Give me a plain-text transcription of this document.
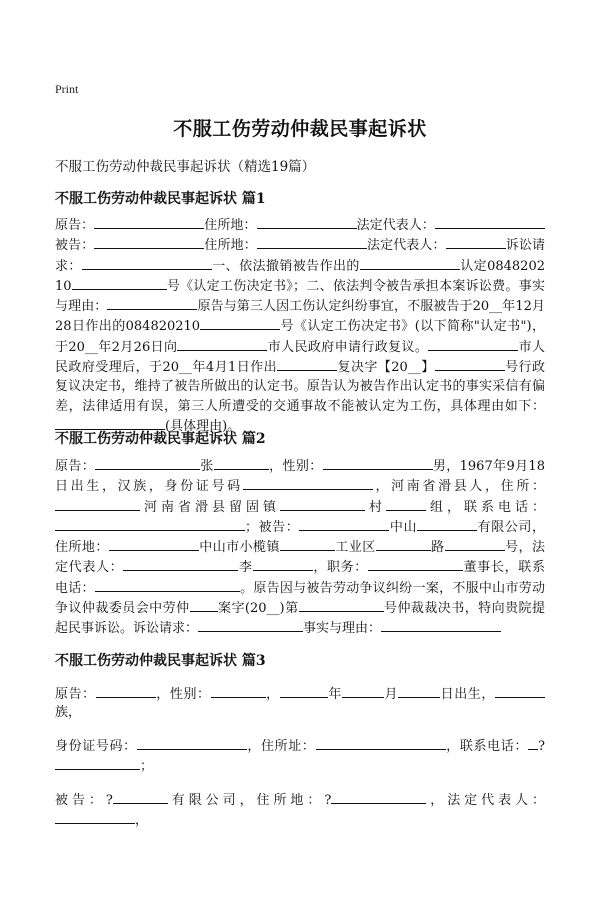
Print
不服工伤劳动仲裁民事起诉状
不服工伤劳动仲裁民事起诉状（精选19篇）
不服工伤劳动仲裁民事起诉状 篇1
原告：	住所地：	法定代表人：被告：	住所地：	法定代表人：	诉讼请求：	一、依法撤销被告作出的	认定084820210	号《认定工伤决定书》；二、依法判令被告承担本案诉讼费。事实与理由：	原告与第三人因工伤认定纠纷事宜，不服被告于20__年12月28日作出的084820210	号《认定工伤决定书》(以下简称"认定书")，于20__年2月26日向	市人民政府申请行政复议。	市人民政府受理后，于20__年4月1日作出	复决字【20__】	号行政复议决定书，维持了被告所做出的认定书。原告认为被告作出认定书的事实采信有偏差，法律适用有误，第三人所遭受的交通事故不能被认定为工伤，具体理由如下：(具体理由)。
不服工伤劳动仲裁民事起诉状 篇2
原告：	张	，性别：	男，1967年9月18日出生，汉族，身份证号码	，河南省滑县人，住所：河南省滑县留固镇	村	组，联系电话：；被告：	中山	有限公司，住所地：	中山市小榄镇	工业区	路	号，法定代表人：	李	，职务：	董事长，联系电话：	。原告因与被告劳动争议纠纷一案，不服中山市劳动争议仲裁委员会中劳仲 案字(20__)第	号仲裁裁决书，特向贵院提起民事诉讼。诉讼请求：	事实与理由：
不服工伤劳动仲裁民事起诉状 篇3
原告：	，性别：	，	年	月	日出生，族，
身份证号码：	，住所址：	，联系电话： ?；
被告：?	有限公司，住所地：?	，法定代表人：，
